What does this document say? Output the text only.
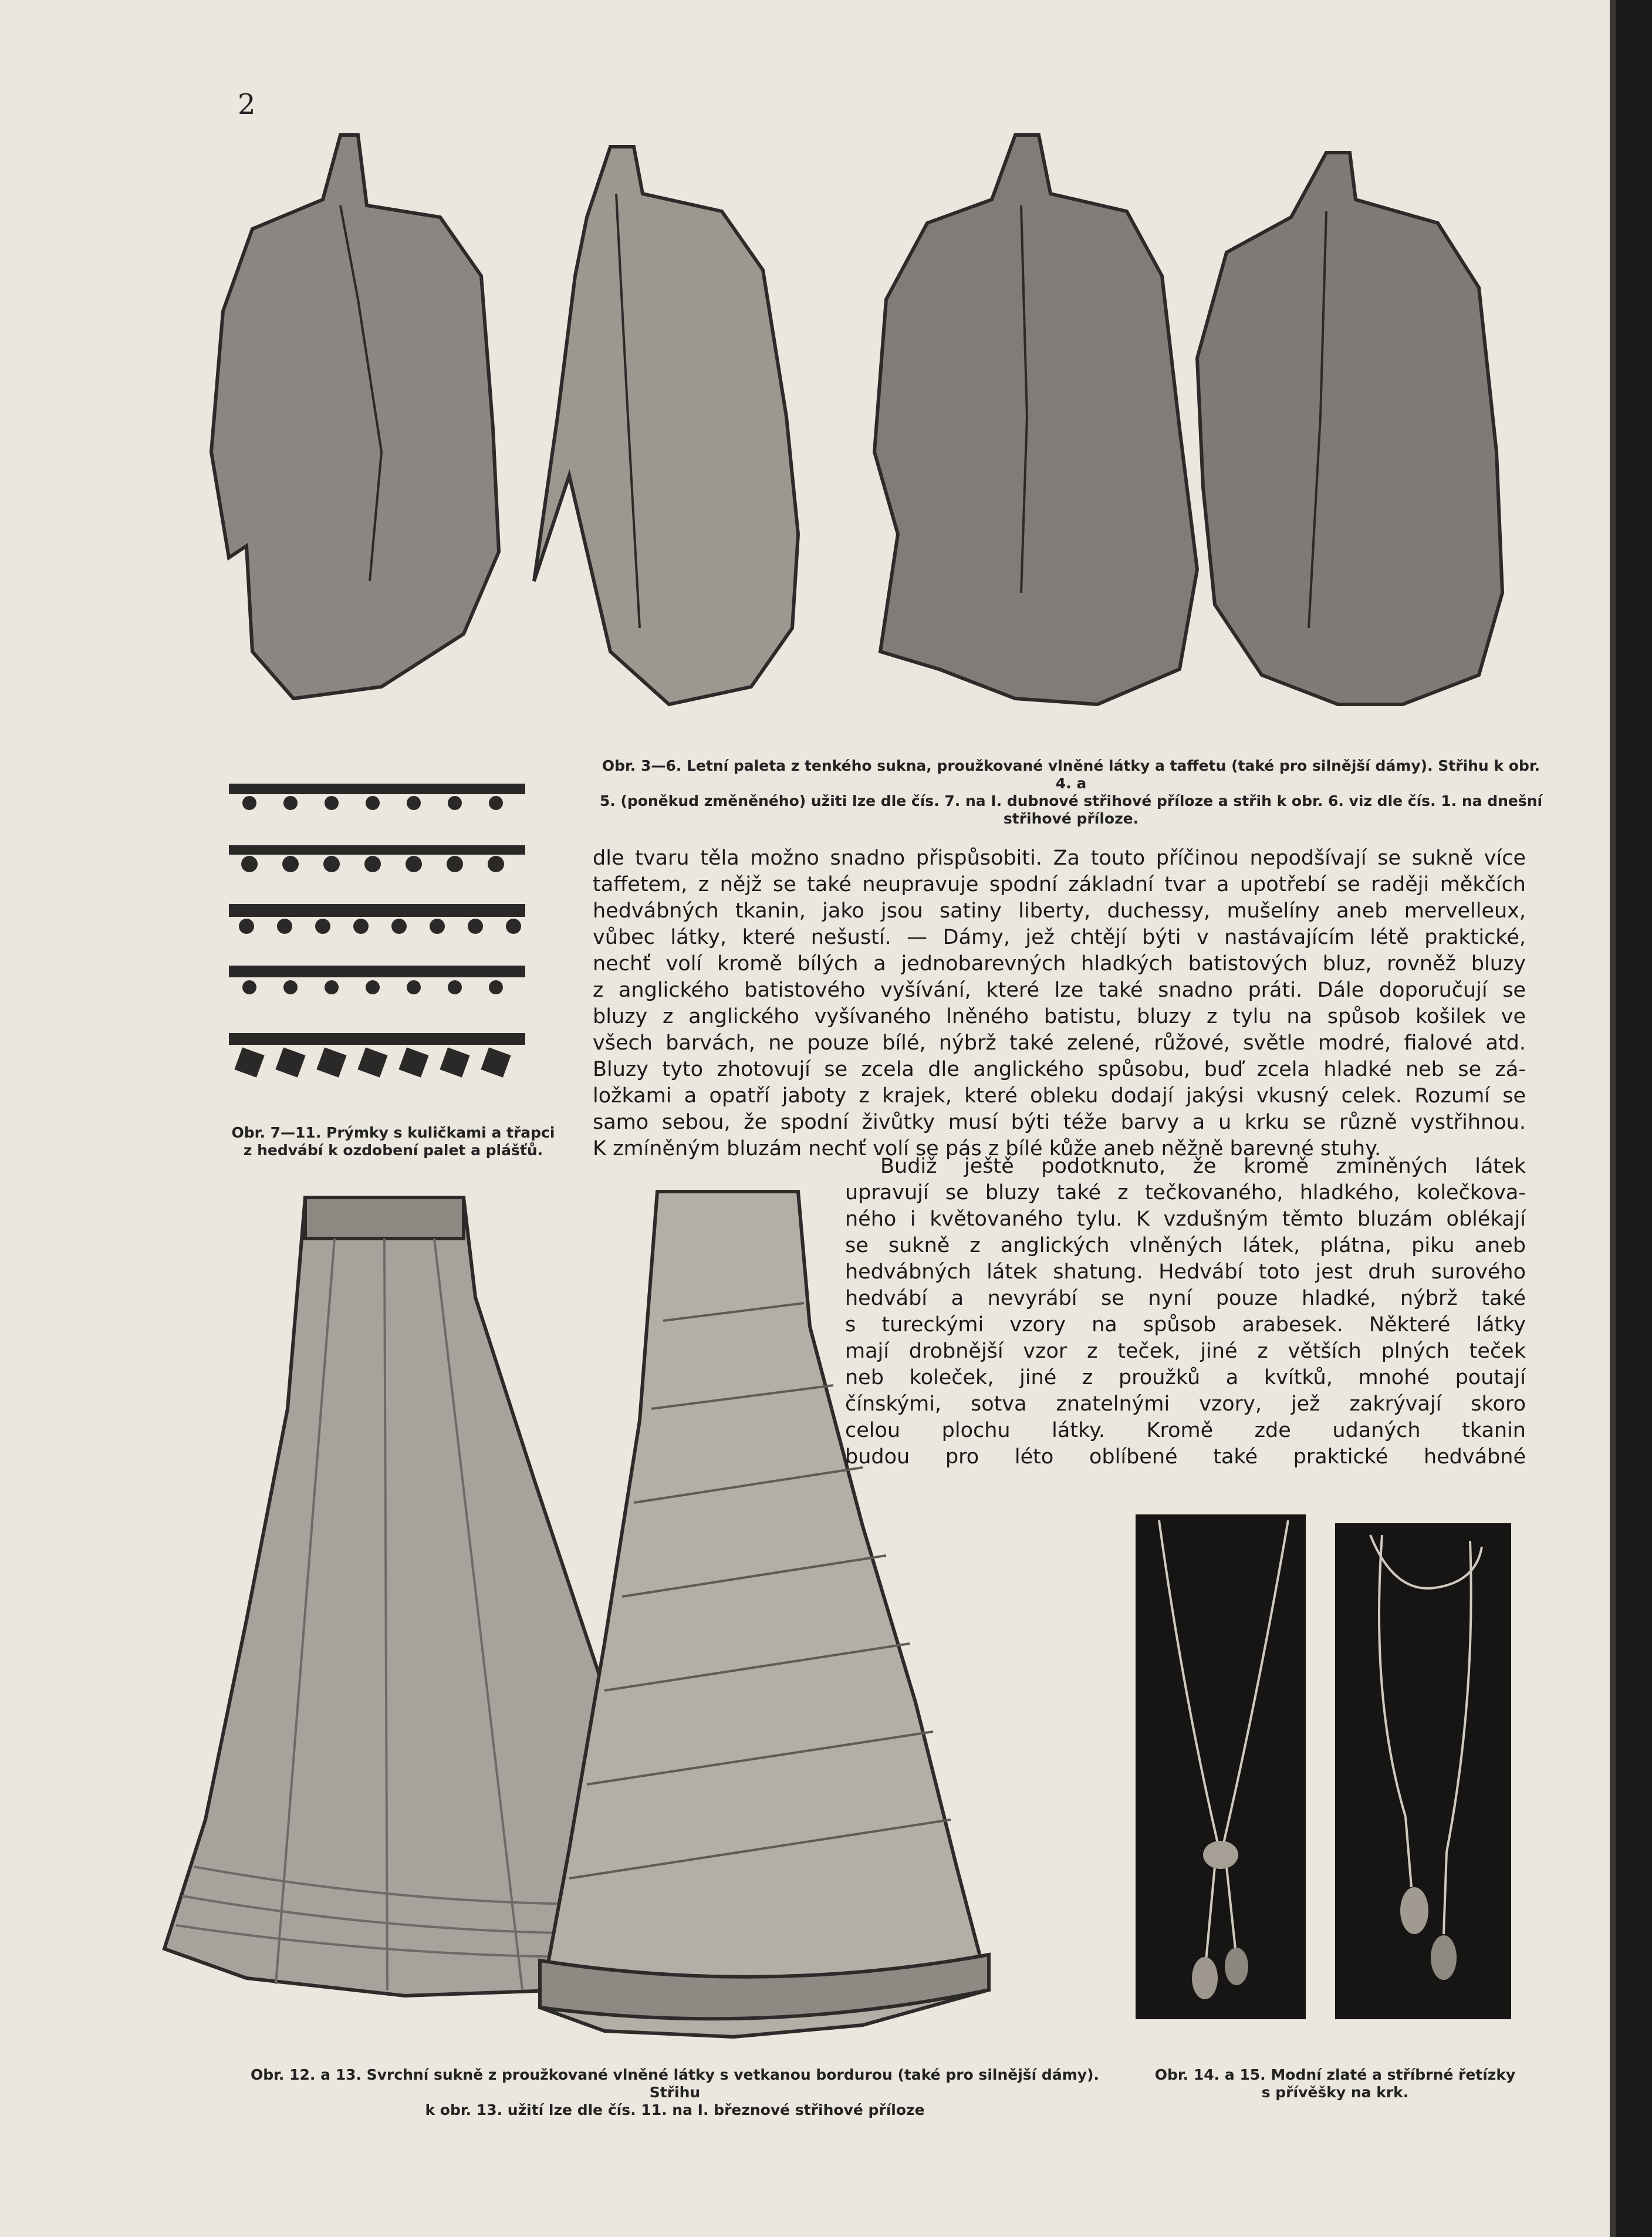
2
Obr. 3—6. Letní paleta z tenkého sukna, proužkované vlněné látky a taffetu (také pro silnější dámy). Střihu k obr. 4. a
5. (poněkud změněného) užiti lze dle čís. 7. na I. dubnové střihové příloze a střih k obr. 6. viz dle čís. 1. na dnešní
střihové příloze.
Obr. 7—11. Prýmky s kuličkami a třapci
z hedvábí k ozdobení palet a plášťů.
dle tvaru těla možno snadno přispůsobiti. Za touto příčinou nepodšívají se sukně více
taffetem, z nějž se také neupravuje spodní základní tvar a upotřebí se raději měkčích
hedvábných tkanin, jako jsou satiny liberty, duchessy, mušelíny aneb mervelleux,
vůbec látky, které nešustí. — Dámy, jež chtějí býti v nastávajícím létě praktické,
nechť volí kromě bílých a jednobarevných hladkých batistových bluz, rovněž bluzy
z anglického batistového vyšívání, které lze také snadno práti. Dále doporučují se
bluzy z anglického vyšívaného lněného batistu, bluzy z tylu na spůsob košilek ve
všech barvách, ne pouze bílé, nýbrž také zelené, růžové, světle modré, fialové atd.
Bluzy tyto zhotovují se zcela dle anglického spůsobu, buď zcela hladké neb se zá-
ložkami a opatří jaboty z krajek, které obleku dodají jakýsi vkusný celek. Rozumí se
samo sebou, že spodní živůtky musí býti téže barvy a u krku se různě vystřihnou.
K zmíněným bluzám nechť volí se pás z bílé kůže aneb něžně barevné stuhy.
Budiž ještě podotknuto, že kromě zmíněných látek
upravují se bluzy také z tečkovaného, hladkého, kolečkova-
ného i květovaného tylu. K vzdušným těmto bluzám oblékají
se sukně z anglických vlněných látek, plátna, piku aneb
hedvábných látek shatung. Hedvábí toto jest druh surového
hedvábí a nevyrábí se nyní pouze hladké, nýbrž také
s tureckými vzory na spůsob arabesek. Některé látky
mají drobnější vzor z teček, jiné z větších plných teček
neb koleček, jiné z proužků a kvítků, mnohé poutají
čínskými, sotva znatelnými vzory, jež zakrývají skoro
celou plochu látky. Kromě zde udaných tkanin
budou pro léto oblíbené také praktické hedvábné
Obr. 12. a 13. Svrchní sukně z proužkované vlněné látky s vetkanou bordurou (také pro silnější dámy). Střihu
k obr. 13. užití lze dle čís. 11. na I. březnové střihové příloze
Obr. 14. a 15. Modní zlaté a stříbrné řetízky
s přívěšky na krk.
